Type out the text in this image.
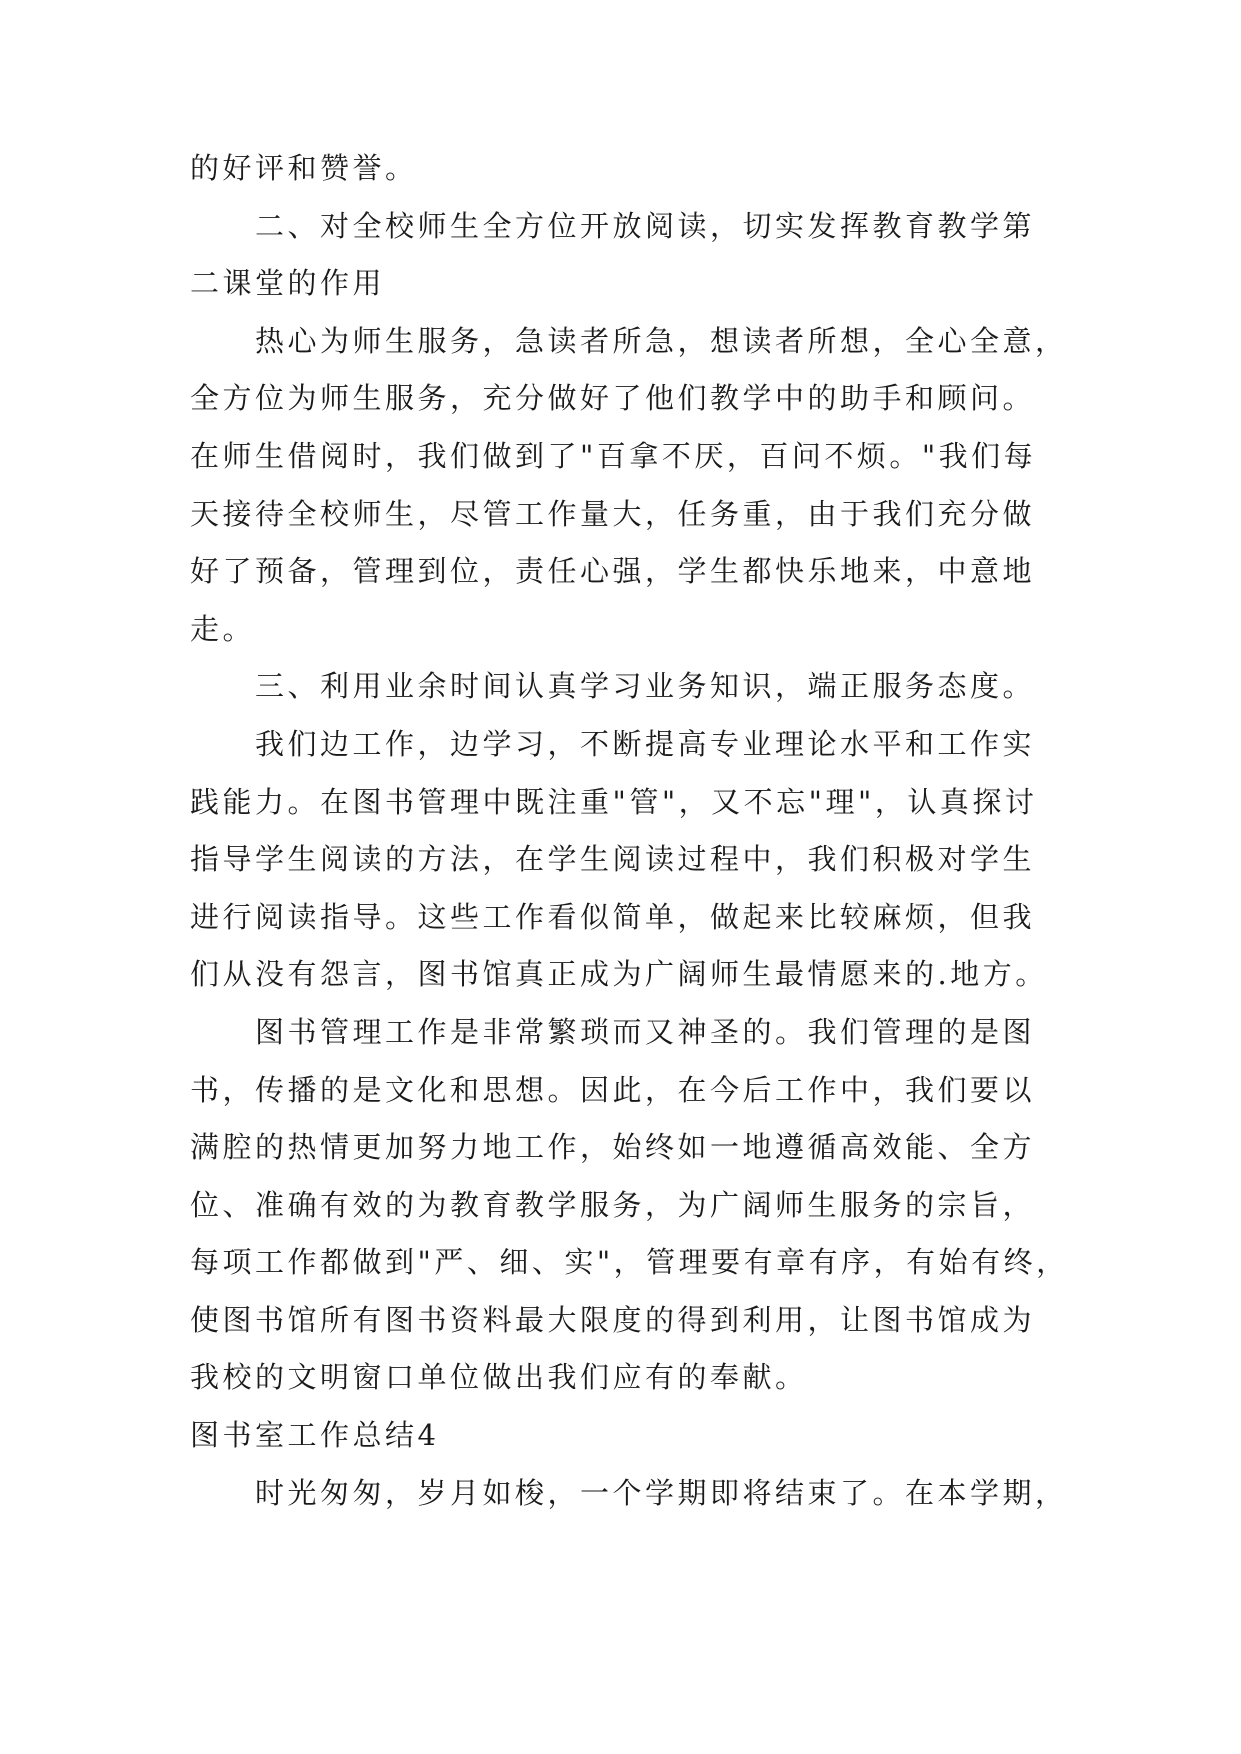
的好评和赞誉。
二、对全校师生全方位开放阅读，切实发挥教育教学第
二课堂的作用
热心为师生服务，急读者所急，想读者所想，全心全意，
全方位为师生服务，充分做好了他们教学中的助手和顾问。
在师生借阅时，我们做到了"百拿不厌，百问不烦。"我们每
天接待全校师生，尽管工作量大，任务重，由于我们充分做
好了预备，管理到位，责任心强，学生都快乐地来，中意地
走。
三、利用业余时间认真学习业务知识，端正服务态度。
我们边工作，边学习，不断提高专业理论水平和工作实
践能力。在图书管理中既注重"管"，又不忘"理"，认真探讨
指导学生阅读的方法，在学生阅读过程中，我们积极对学生
进行阅读指导。这些工作看似简单，做起来比较麻烦，但我
们从没有怨言，图书馆真正成为广阔师生最情愿来的.地方。
图书管理工作是非常繁琐而又神圣的。我们管理的是图
书，传播的是文化和思想。因此，在今后工作中，我们要以
满腔的热情更加努力地工作，始终如一地遵循高效能、全方
位、准确有效的为教育教学服务，为广阔师生服务的宗旨，
每项工作都做到"严、细、实"，管理要有章有序，有始有终，
使图书馆所有图书资料最大限度的得到利用，让图书馆成为
我校的文明窗口单位做出我们应有的奉献。
图书室工作总结4
时光匆匆，岁月如梭，一个学期即将结束了。在本学期，
